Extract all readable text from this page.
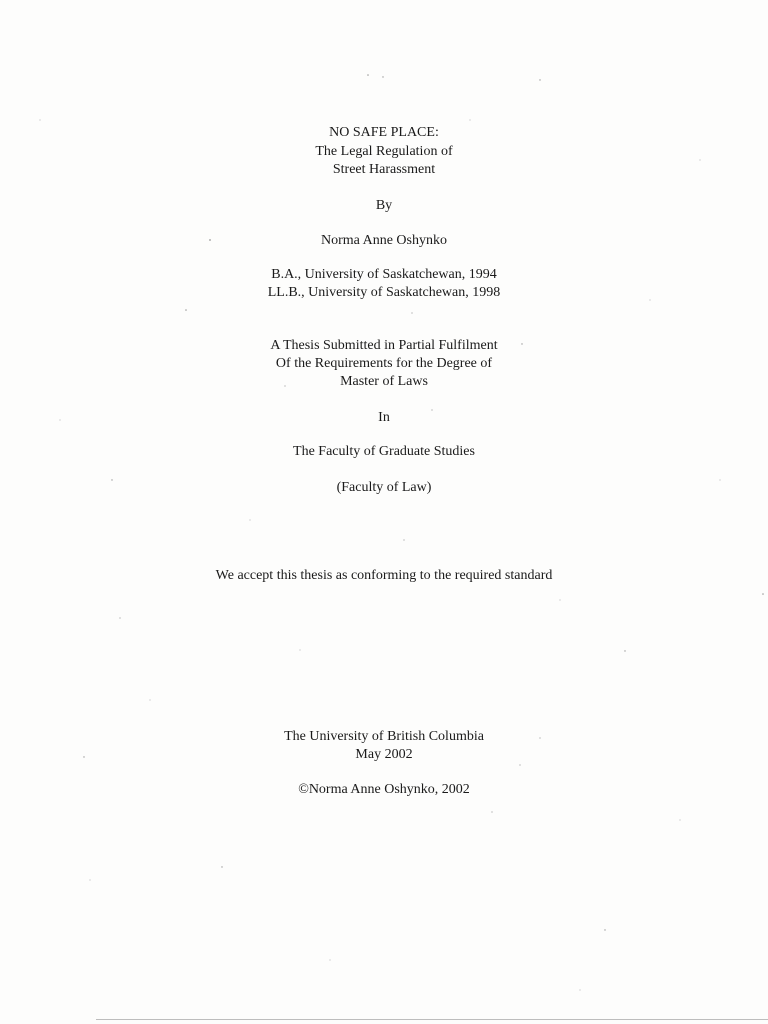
NO SAFE PLACE:
The Legal Regulation of
Street Harassment
By
Norma Anne Oshynko
B.A., University of Saskatchewan, 1994
LL.B., University of Saskatchewan, 1998
A Thesis Submitted in Partial Fulfilment
Of the Requirements for the Degree of
Master of Laws
In
The Faculty of Graduate Studies
(Faculty of Law)
We accept this thesis as conforming to the required standard
The University of British Columbia
May 2002
©Norma Anne Oshynko, 2002
